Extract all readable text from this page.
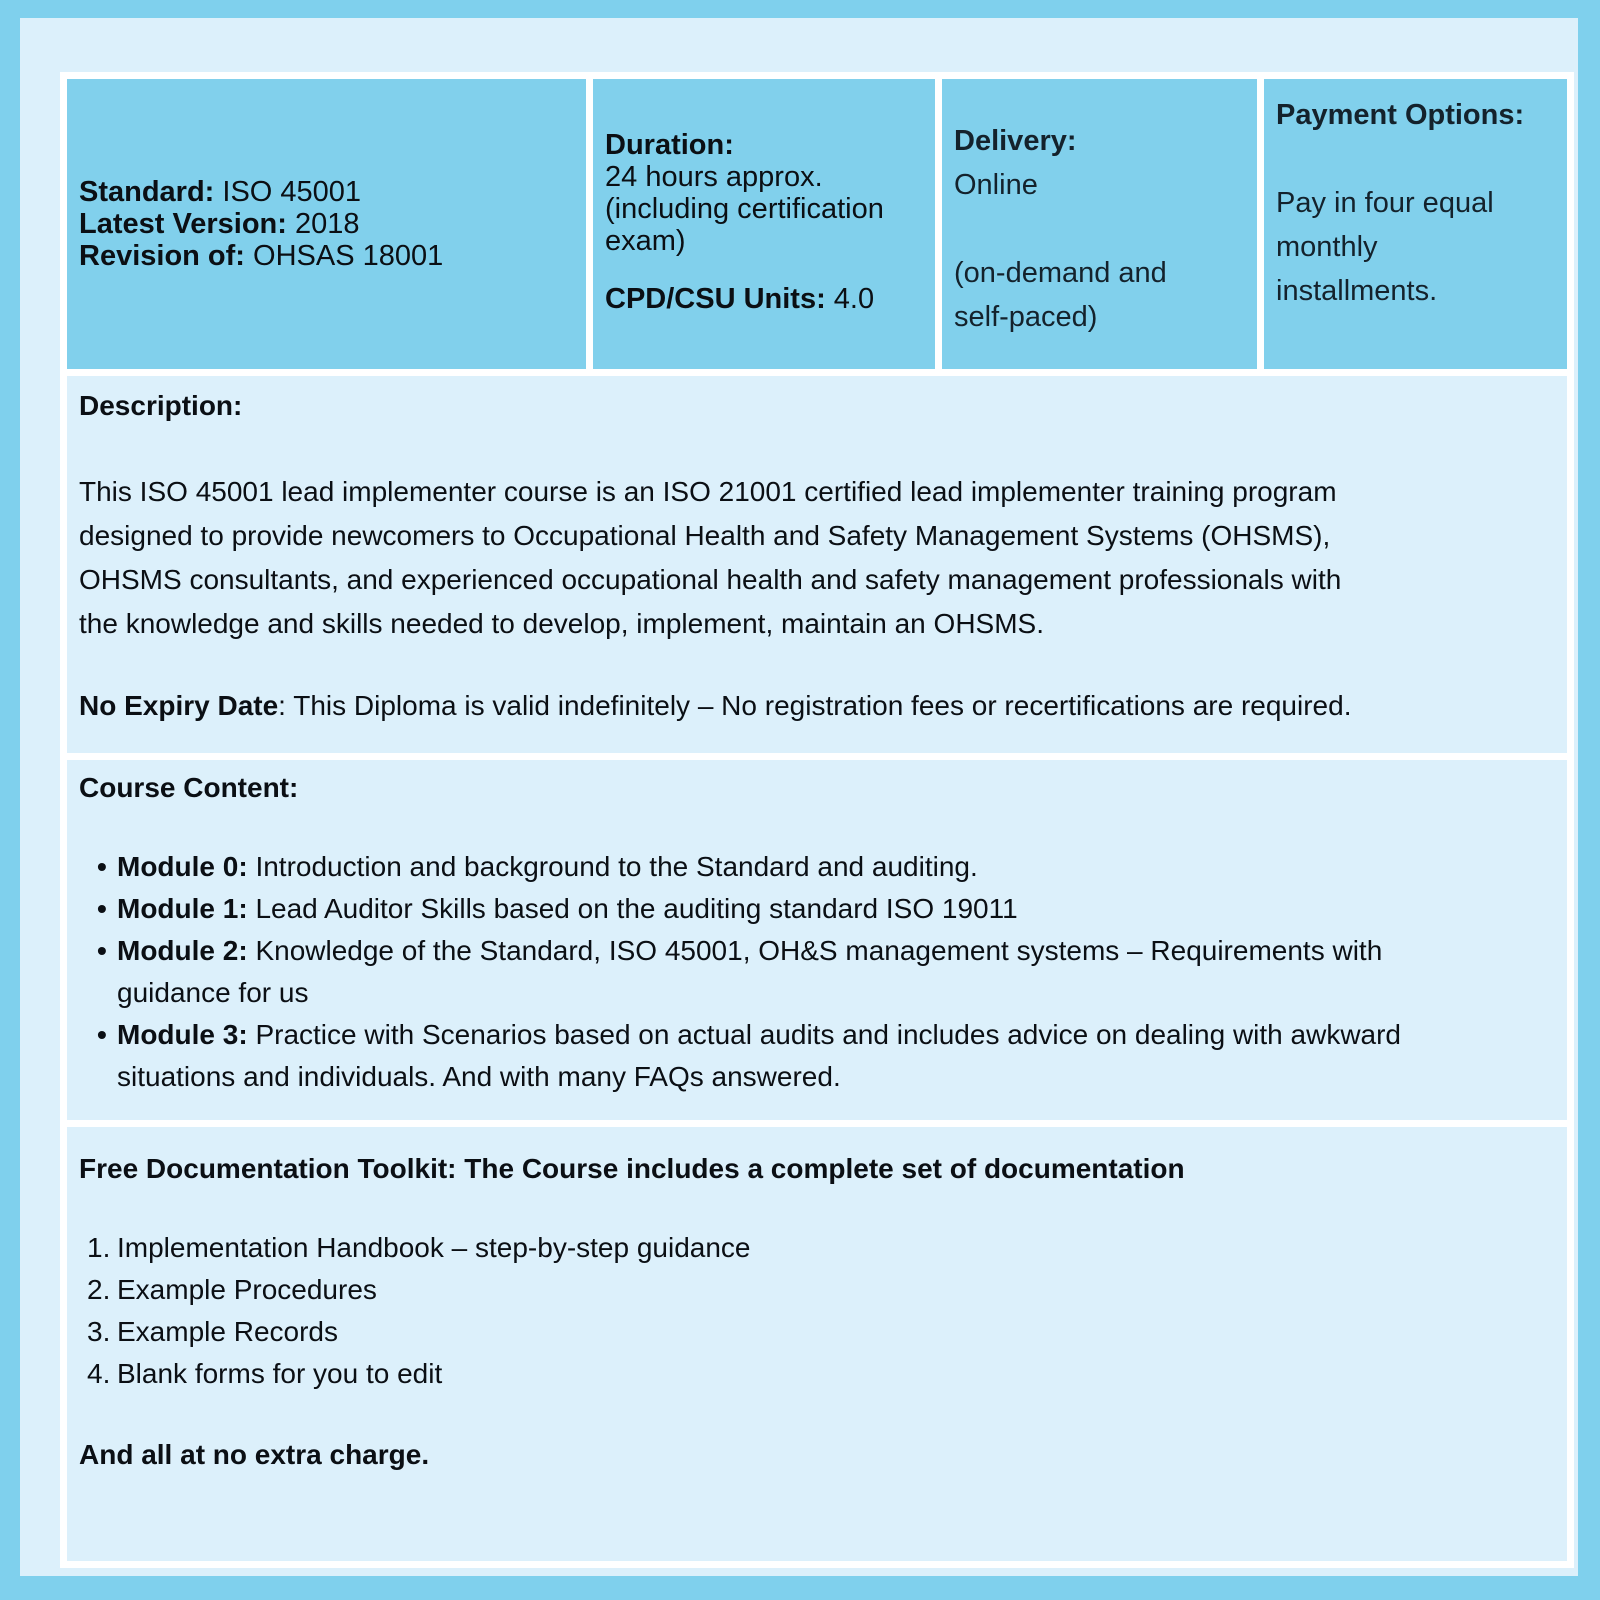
Standard: ISO 45001
Latest Version: 2018
Revision of: OHSAS 18001
Duration:
24 hours approx.
(including certification
exam)
CPD/CSU Units: 4.0
Delivery:
Online
(on-demand and
self-paced)
Payment Options:
Pay in four equal
monthly
installments.
Description:
This ISO 45001 lead implementer course is an ISO 21001 certified lead implementer training program
designed to provide newcomers to Occupational Health and Safety Management Systems (OHSMS),
OHSMS consultants, and experienced occupational health and safety management professionals with
the knowledge and skills needed to develop, implement, maintain an OHSMS.
No Expiry Date: This Diploma is valid indefinitely – No registration fees or recertifications are required.
Course Content:
• Module 0: Introduction and background to the Standard and auditing.
• Module 1: Lead Auditor Skills based on the auditing standard ISO 19011
• Module 2: Knowledge of the Standard, ISO 45001, OH&S management systems – Requirements with
guidance for us
• Module 3: Practice with Scenarios based on actual audits and includes advice on dealing with awkward
situations and individuals. And with many FAQs answered.
Free Documentation Toolkit: The Course includes a complete set of documentation
1. Implementation Handbook – step-by-step guidance
2. Example Procedures
3. Example Records
4. Blank forms for you to edit
And all at no extra charge.
